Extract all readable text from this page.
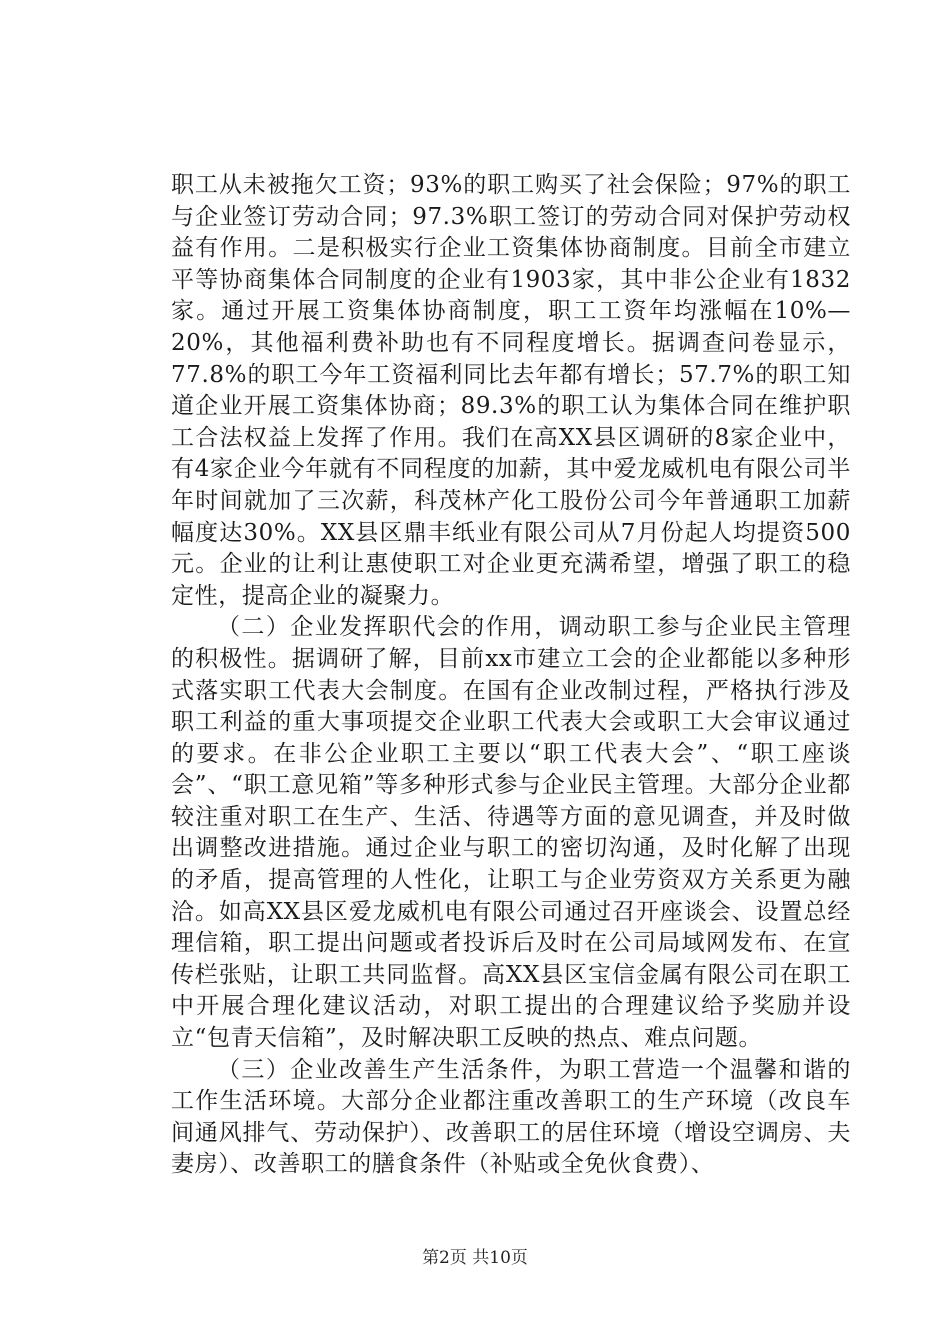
职工从未被拖欠工资；93%的职工购买了社会保险；97%的职工与企业签订劳动合同；97.3%职工签订的劳动合同对保护劳动权益有作用。二是积极实行企业工资集体协商制度。目前全市建立平等协商集体合同制度的企业有1903家，其中非公企业有1832家。通过开展工资集体协商制度，职工工资年均涨幅在10%—20%，其他福利费补助也有不同程度增长。据调查问卷显示，77.8%的职工今年工资福利同比去年都有增长；57.7%的职工知道企业开展工资集体协商；89.3%的职工认为集体合同在维护职工合法权益上发挥了作用。我们在高XX县区调研的8家企业中，有4家企业今年就有不同程度的加薪，其中爱龙威机电有限公司半年时间就加了三次薪，科茂林产化工股份公司今年普通职工加薪幅度达30%。XX县区鼎丰纸业有限公司从7月份起人均提资500元。企业的让利让惠使职工对企业更充满希望，增强了职工的稳定性，提高企业的凝聚力。

（二）企业发挥职代会的作用，调动职工参与企业民主管理的积极性。据调研了解，目前xx市建立工会的企业都能以多种形式落实职工代表大会制度。在国有企业改制过程，严格执行涉及职工利益的重大事项提交企业职工代表大会或职工大会审议通过的要求。在非公企业职工主要以“职工代表大会”、“职工座谈会”、“职工意见箱”等多种形式参与企业民主管理。大部分企业都较注重对职工在生产、生活、待遇等方面的意见调查，并及时做出调整改进措施。通过企业与职工的密切沟通，及时化解了出现的矛盾，提高管理的人性化，让职工与企业劳资双方关系更为融洽。如高XX县区爱龙威机电有限公司通过召开座谈会、设置总经理信箱，职工提出问题或者投诉后及时在公司局域网发布、在宣传栏张贴，让职工共同监督。高XX县区宝信金属有限公司在职工中开展合理化建议活动，对职工提出的合理建议给予奖励并设立“包青天信箱”，及时解决职工反映的热点、难点问题。

（三）企业改善生产生活条件，为职工营造一个温馨和谐的工作生活环境。大部分企业都注重改善职工的生产环境（改良车间通风排气、劳动保护）、改善职工的居住环境（增设空调房、夫妻房）、改善职工的膳食条件（补贴或全免伙食费）、

第2页 共10页
